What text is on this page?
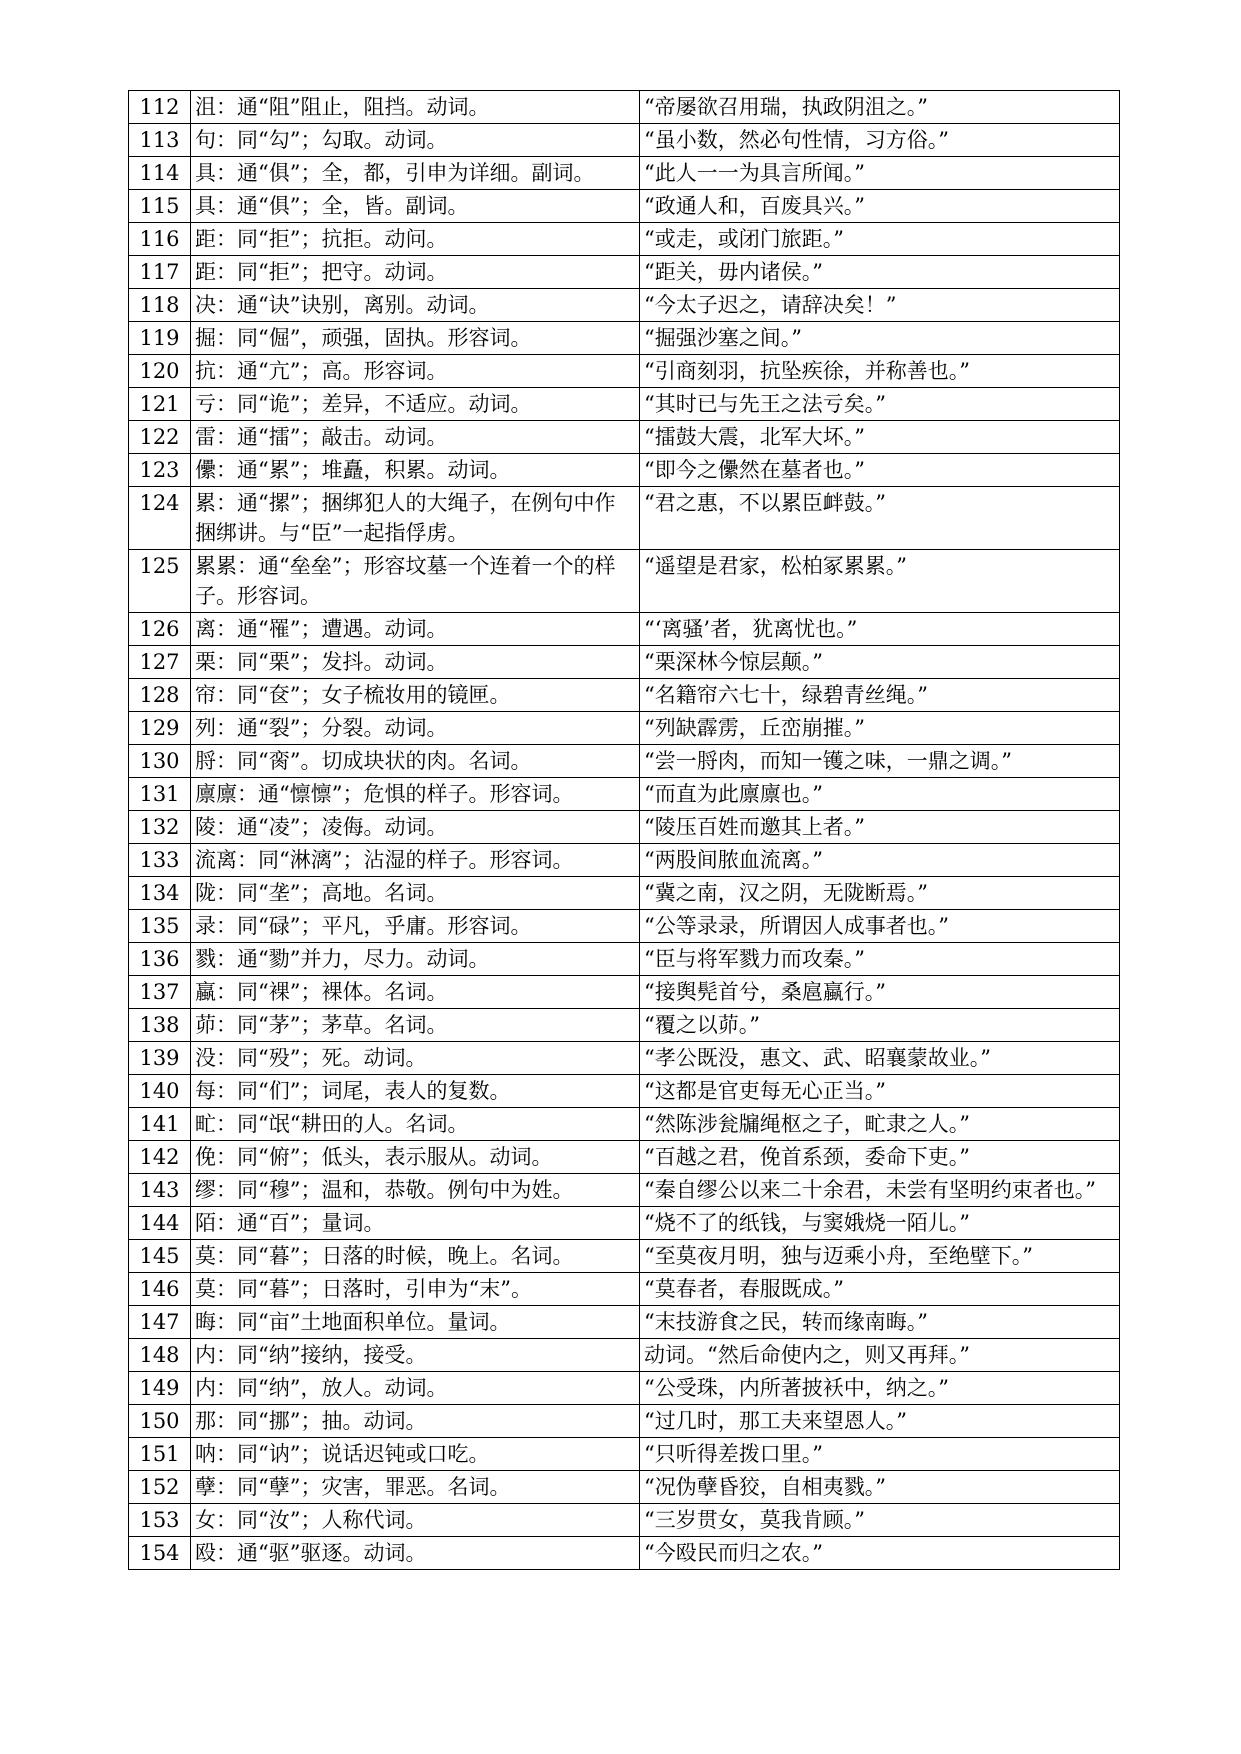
112	沮：通“阻”阻止，阻挡。动词。	“帝屡欲召用瑞，执政阴沮之。”
113	句：同“勾”；勾取。动词。	“虽小数，然必句性情，习方俗。”
114	具：通“俱”；全，都，引申为详细。副词。	“此人一一为具言所闻。”
115	具：通“俱”；全，皆。副词。	“政通人和，百废具兴。”
116	距：同“拒”；抗拒。动问。	“或走，或闭门旅距。”
117	距：同“拒”；把守。动词。	“距关，毋内诸侯。”
118	决：通“诀”诀别，离别。动词。	“今太子迟之，请辞决矣！”
119	掘：同“倔”，顽强，固执。形容词。	“掘强沙塞之间。”
120	抗：通“亢”；高。形容词。	“引商刻羽，抗坠疾徐，并称善也。”
121	亏：同“诡”；差异，不适应。动词。	“其时已与先王之法亏矣。”
122	雷：通“擂”；敲击。动词。	“擂鼓大震，北军大坏。”
123	儽：通“累”；堆矗，积累。动词。	“即今之儽然在墓者也。”
124	累：通“摞”；捆绑犯人的大绳子，在例句中作捆绑讲。与“臣”一起指俘虏。	“君之惠，不以累臣衅鼓。”
125	累累：通“垒垒”；形容坟墓一个连着一个的样子。形容词。	“遥望是君家，松柏冢累累。”
126	离：通“罹”；遭遇。动词。	“‘离骚’者，犹离忧也。”
127	栗：同“栗”；发抖。动词。	“栗深林今惊层颠。”
128	帘：同“奁”；女子梳妆用的镜匣。	“名籍帘六七十，绿碧青丝绳。”
129	列：通“裂”；分裂。动词。	“列缺霹雳，丘峦崩摧。”
130	脟：同“脔”。切成块状的肉。名词。	“尝一脟肉，而知一镬之味，一鼎之调。”
131	廪廪：通“懔懔”；危惧的样子。形容词。	“而直为此廪廪也。”
132	陵：通“凌”；凌侮。动词。	“陵压百姓而邀其上者。”
133	流离：同“淋漓”；沾湿的样子。形容词。	“两股间脓血流离。”
134	陇：同“垄”；高地。名词。	“冀之南，汉之阴，无陇断焉。”
135	录：同“碌”；平凡，乎庸。形容词。	“公等录录，所谓因人成事者也。”
136	戮：通“勠”并力，尽力。动词。	“臣与将军戮力而攻秦。”
137	蠃：同“裸”；裸体。名词。	“接舆髡首兮，桑扈蠃行。”
138	茆：同“茅”；茅草。名词。	“覆之以茆。”
139	没：同“殁”；死。动词。	“孝公既没，惠文、武、昭襄蒙故业。”
140	每：同“们”；词尾，表人的复数。	“这都是官吏每无心正当。”
141	甿：同“氓“耕田的人。名词。	“然陈涉瓮牖绳枢之子，甿隶之人。”
142	俛：同“俯”；低头，表示服从。动词。	“百越之君，俛首系颈，委命下吏。”
143	缪：同“穆”；温和，恭敬。例句中为姓。	“秦自缪公以来二十余君，未尝有坚明约束者也。”
144	陌：通“百”；量词。	“烧不了的纸钱，与窦娥烧一陌儿。”
145	莫：同“暮”；日落的时候，晚上。名词。	“至莫夜月明，独与迈乘小舟，至绝壁下。”
146	莫：同“暮”；日落时，引申为“末”。	“莫春者，春服既成。”
147	晦：同“亩”土地面积单位。量词。	“末技游食之民，转而缘南晦。”
148	内：同“纳”接纳，接受。	动词。“然后命使内之，则又再拜。”
149	内：同“纳”，放人。动词。	“公受珠，内所著披袄中，纳之。”
150	那：同“挪”；抽。动词。	“过几时，那工夫来望恩人。”
151	呐：同“讷”；说话迟钝或口吃。	“只听得差拨口里。”
152	孽：同“孽”；灾害，罪恶。名词。	“况伪孽昏狡，自相夷戮。”
153	女：同“汝”；人称代词。	“三岁贯女，莫我肯顾。”
154	殴：通“驱”驱逐。动词。	“今殴民而归之农。”
